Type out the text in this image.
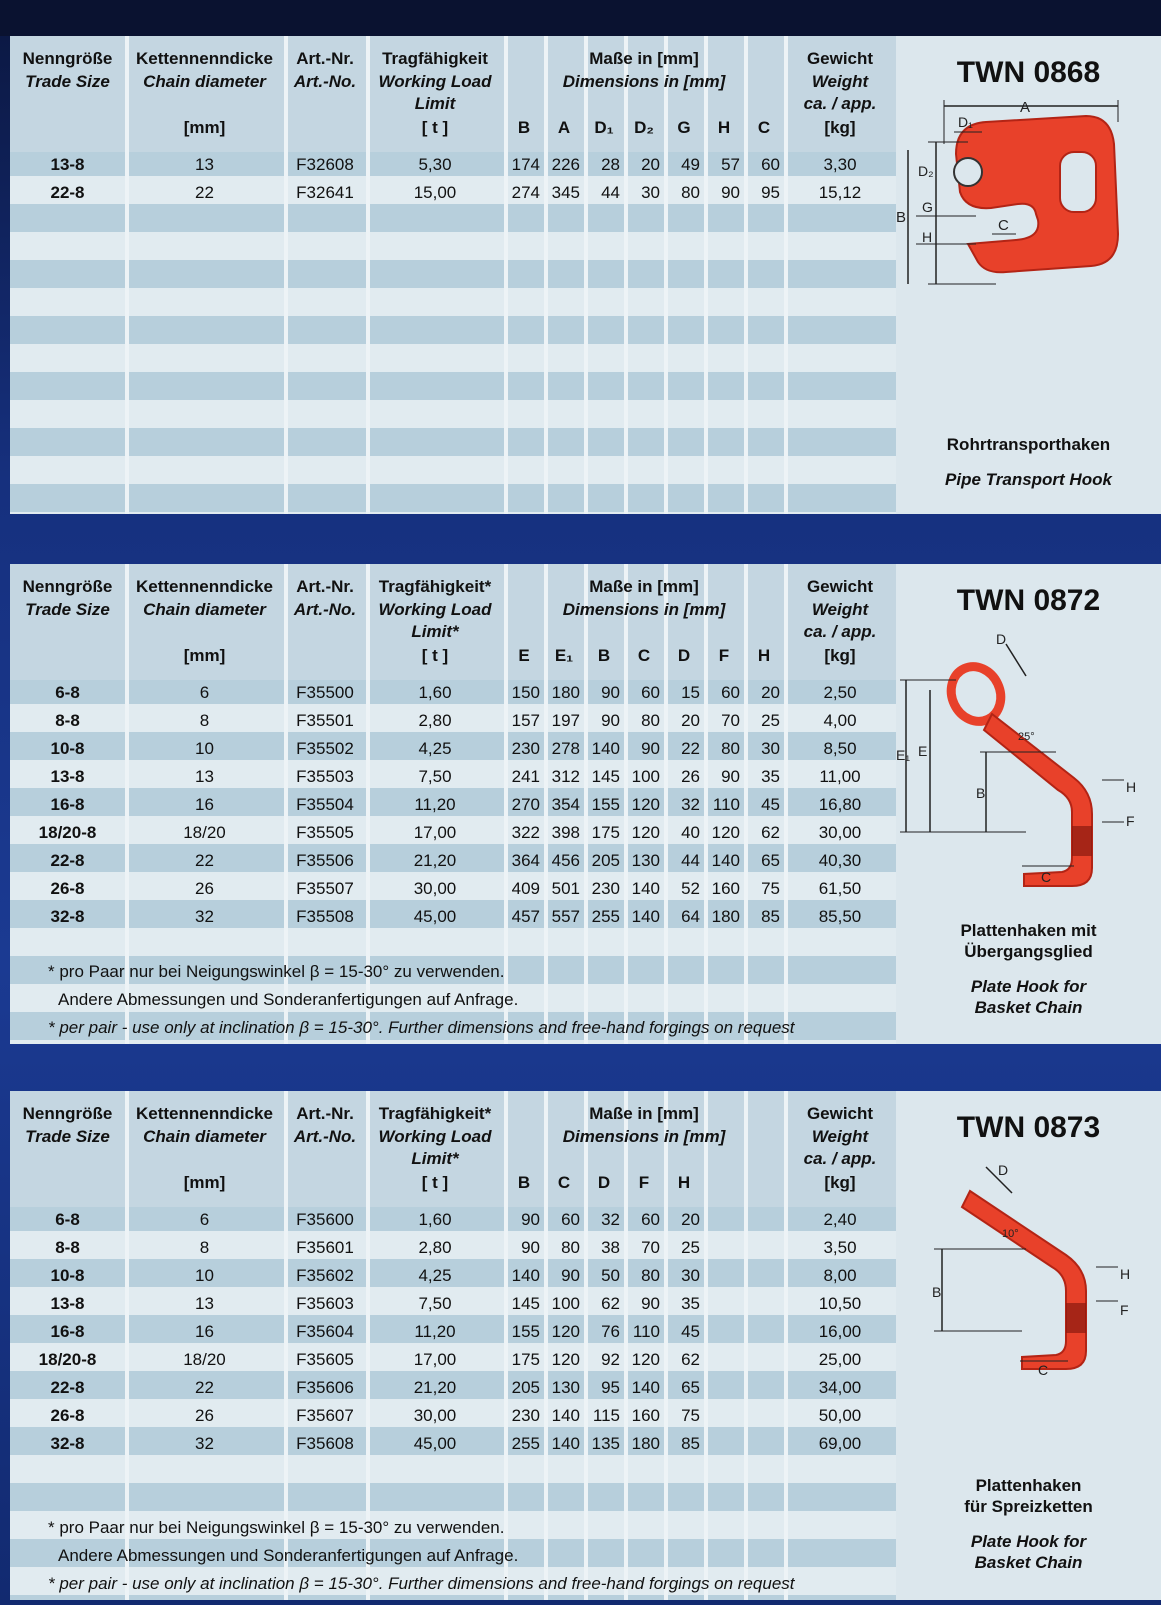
Nenngröße
Trade Size
Kettennenndicke
Chain diameter
Art.-Nr.
Art.-No.
Tragfähigkeit
Working Load
Limit
Maße in [mm]
Dimensions in [mm]
Gewicht
Weight
ca. / app.
[mm]	[ t ]	[kg]
B	A	D₁	D₂	G	H	C
13-8	13	F32608	5,30	174 226	28	20	49	57	60	3,30
22-8	22	F32641	15,00	274 345	44	30	80	90	95	15,12
TWN 0868
A
D₁
D₂
B
G
H
C
Rohrtransporthaken
Pipe Transport Hook
Nenngröße
Trade Size
Kettennenndicke
Chain diameter
Art.-Nr.
Art.-No.
Tragfähigkeit*
Working Load
Limit*
Maße in [mm]
Dimensions in [mm]
Gewicht
Weight
ca. / app.
[mm]	[ t ]	[kg]
E	E₁	B	C	D	F	H
6-8	6	F35500	1,60	150 180	90	60	15	60	20	2,50
8-8	8	F35501	2,80	157 197	90	80	20	70	25	4,00
10-8	10	F35502	4,25	230 278 140	90	22	80	30	8,50
13-8	13	F35503	7,50	241 312 145 100	26	90	35	11,00
16-8	16	F35504	11,20	270 354 155 120	32 110	45	16,80
18/20-8	18/20	F35505	17,00	322 398 175 120	40 120	62	30,00
22-8	22	F35506	21,20	364 456 205 130	44 140	65	40,30
26-8	26	F35507	30,00	409 501 230 140	52 160	75	61,50
32-8	32	F35508	45,00	457 557 255 140	64 180	85	85,50
* pro Paar nur bei Neigungswinkel β = 15-30° zu verwenden.
Andere Abmessungen und Sonderanfertigungen auf Anfrage.
* per pair - use only at inclination β = 15-30°. Further dimensions and free-hand forgings on request
TWN 0872
D
E₁ E
B
25°
H
F
C
Plattenhaken mit
Übergangsglied
Plate Hook for
Basket Chain
Nenngröße
Trade Size
Kettennenndicke
Chain diameter
Art.-Nr.
Art.-No.
Tragfähigkeit*
Working Load
Limit*
Maße in [mm]
Dimensions in [mm]
Gewicht
Weight
ca. / app.
[mm]	[ t ]	[kg]
B	C	D	F	H
6-8	6	F35600	1,60	90	60	32	60	20	2,40
8-8	8	F35601	2,80	90	80	38	70	25	3,50
10-8	10	F35602	4,25	140	90	50	80	30	8,00
13-8	13	F35603	7,50	145 100	62	90	35	10,50
16-8	16	F35604	11,20	155 120	76 110	45	16,00
18/20-8	18/20	F35605	17,00	175 120	92 120	62	25,00
22-8	22	F35606	21,20	205 130	95 140	65	34,00
26-8	26	F35607	30,00	230 140 115 160	75	50,00
32-8	32	F35608	45,00	255 140 135 180	85	69,00
* pro Paar nur bei Neigungswinkel β = 15-30° zu verwenden.
Andere Abmessungen und Sonderanfertigungen auf Anfrage.
* per pair - use only at inclination β = 15-30°. Further dimensions and free-hand forgings on request
TWN 0873
D
10°
B
H
F
C
Plattenhaken
für Spreizketten
Plate Hook for
Basket Chain
